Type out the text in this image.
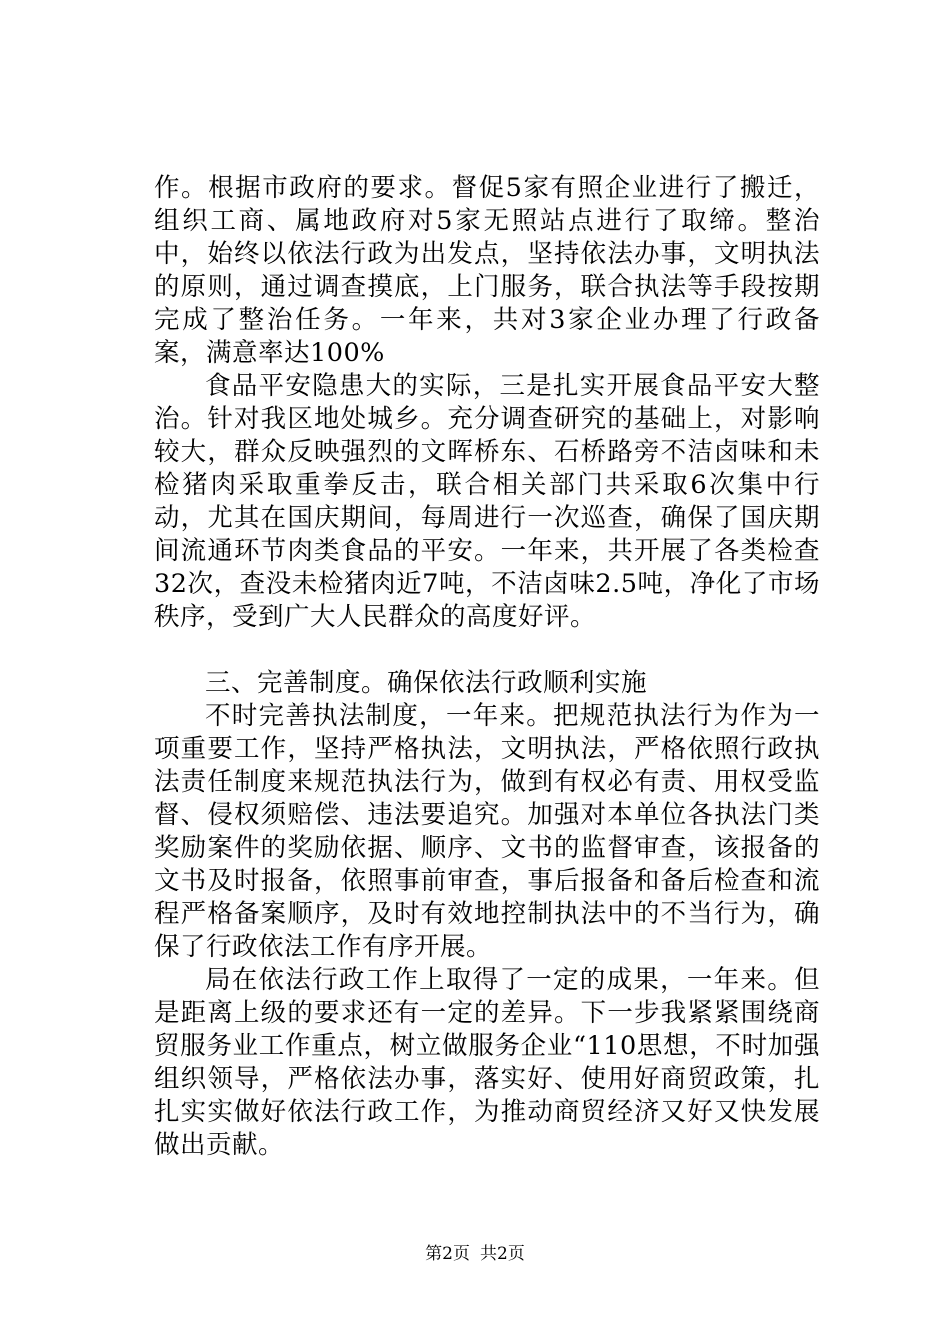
作。根据市政府的要求。督促5家有照企业进行了搬迁，组织工商、属地政府对5家无照站点进行了取缔。整治中，始终以依法行政为出发点，坚持依法办事，文明执法的原则，通过调查摸底，上门服务，联合执法等手段按期完成了整治任务。一年来，共对3家企业办理了行政备案，满意率达100%

食品平安隐患大的实际，三是扎实开展食品平安大整治。针对我区地处城乡。充分调查研究的基础上，对影响较大，群众反映强烈的文晖桥东、石桥路旁不洁卤味和未检猪肉采取重拳反击，联合相关部门共采取6次集中行动，尤其在国庆期间，每周进行一次巡查，确保了国庆期间流通环节肉类食品的平安。一年来，共开展了各类检查32次，查没未检猪肉近7吨，不洁卤味2.5吨，净化了市场秩序，受到广大人民群众的高度好评。

三、完善制度。确保依法行政顺利实施

不时完善执法制度，一年来。把规范执法行为作为一项重要工作，坚持严格执法，文明执法，严格依照行政执法责任制度来规范执法行为，做到有权必有责、用权受监督、侵权须赔偿、违法要追究。加强对本单位各执法门类奖励案件的奖励依据、顺序、文书的监督审查，该报备的文书及时报备，依照事前审查，事后报备和备后检查和流程严格备案顺序，及时有效地控制执法中的不当行为，确保了行政依法工作有序开展。

局在依法行政工作上取得了一定的成果，一年来。但是距离上级的要求还有一定的差异。下一步我紧紧围绕商贸服务业工作重点，树立做服务企业“110思想，不时加强组织领导，严格依法办事，落实好、使用好商贸政策，扎扎实实做好依法行政工作，为推动商贸经济又好又快发展做出贡献。

第2页 共2页
